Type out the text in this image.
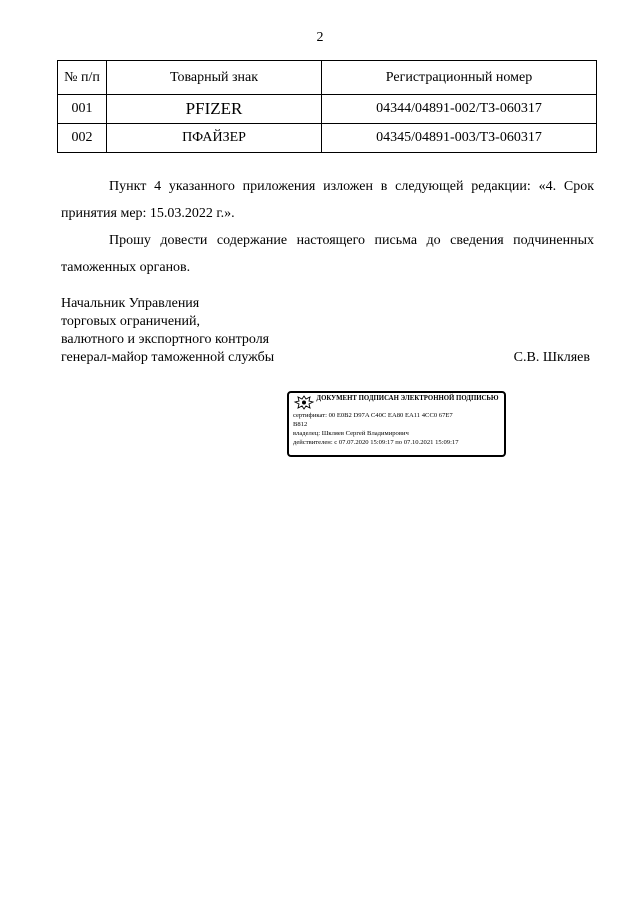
2
№ п/п	Товарный знак	Регистрационный номер
001	PFIZER	04344/04891-002/ТЗ-060317
002	ПФАЙЗЕР	04345/04891-003/ТЗ-060317
Пункт 4 указанного приложения изложен в следующей редакции: «4. Срок принятия мер: 15.03.2022 г.».
Прошу довести содержание настоящего письма до сведения подчиненных таможенных органов.
Начальник Управления
торговых ограничений,
валютного и экспортного контроля
генерал-майор таможенной службы	С.В. Шкляев
ДОКУМЕНТ ПОДПИСАН ЭЛЕКТРОННОЙ ПОДПИСЬЮ
сертификат: 00 E0B2 D97A C40C EA80 EA11 4CC0 67E7
B812
владелец: Шкляев Сергей Владимирович
действителен: с 07.07.2020 15:09:17 по 07.10.2021 15:09:17
